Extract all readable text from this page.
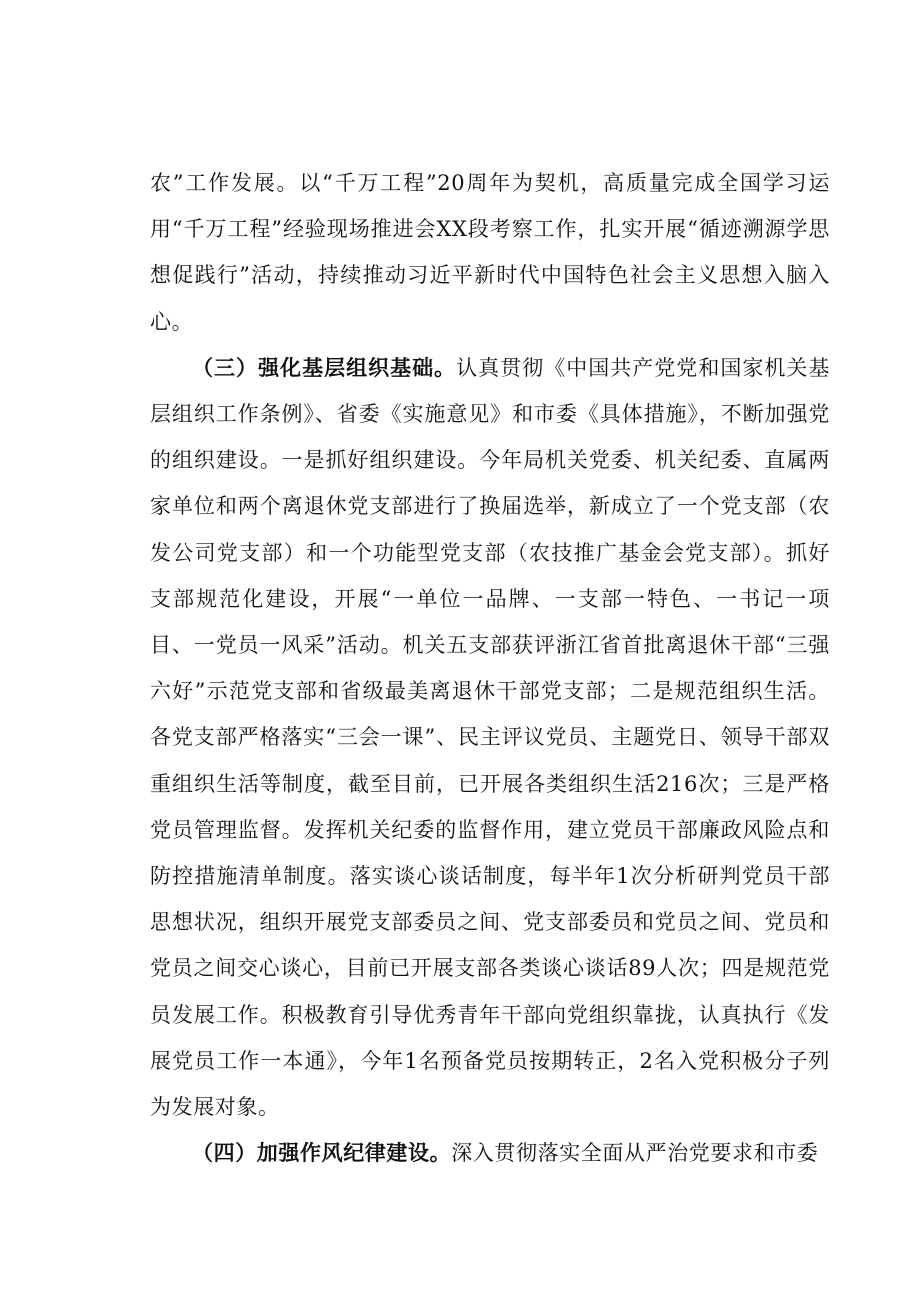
农”工作发展。以“千万工程”20周年为契机，高质量完成全国学习运用“千万工程”经验现场推进会XX段考察工作，扎实开展“循迹溯源学思想促践行”活动，持续推动习近平新时代中国特色社会主义思想入脑入心。

（三）强化基层组织基础。认真贯彻《中国共产党党和国家机关基层组织工作条例》、省委《实施意见》和市委《具体措施》，不断加强党的组织建设。一是抓好组织建设。今年局机关党委、机关纪委、直属两家单位和两个离退休党支部进行了换届选举，新成立了一个党支部（农发公司党支部）和一个功能型党支部（农技推广基金会党支部）。抓好支部规范化建设，开展“一单位一品牌、一支部一特色、一书记一项目、一党员一风采”活动。机关五支部获评浙江省首批离退休干部“三强六好”示范党支部和省级最美离退休干部党支部；二是规范组织生活。各党支部严格落实“三会一课”、民主评议党员、主题党日、领导干部双重组织生活等制度，截至目前，已开展各类组织生活216次；三是严格党员管理监督。发挥机关纪委的监督作用，建立党员干部廉政风险点和防控措施清单制度。落实谈心谈话制度，每半年1次分析研判党员干部思想状况，组织开展党支部委员之间、党支部委员和党员之间、党员和党员之间交心谈心，目前已开展支部各类谈心谈话89人次；四是规范党员发展工作。积极教育引导优秀青年干部向党组织靠拢，认真执行《发展党员工作一本通》，今年1名预备党员按期转正，2名入党积极分子列为发展对象。

（四）加强作风纪律建设。深入贯彻落实全面从严治党要求和市委
